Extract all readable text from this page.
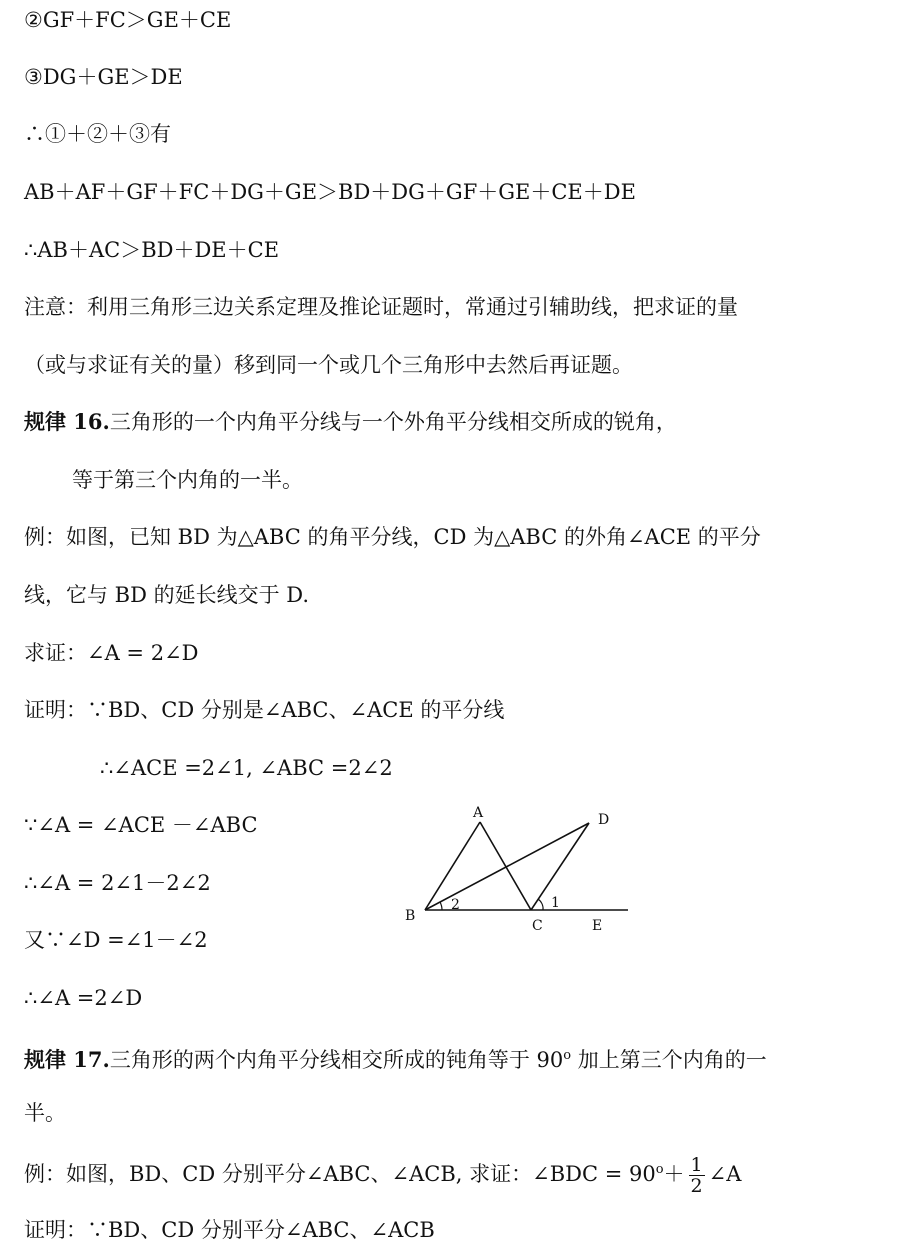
②GF＋FC＞GE＋CE
③DG＋GE＞DE
∴①＋②＋③有
AB＋AF＋GF＋FC＋DG＋GE＞BD＋DG＋GF＋GE＋CE＋DE
∴AB＋AC＞BD＋DE＋CE
注意：利用三角形三边关系定理及推论证题时，常通过引辅助线，把求证的量
（或与求证有关的量）移到同一个或几个三角形中去然后再证题。
规律 16.三角形的一个内角平分线与一个外角平分线相交所成的锐角，
等于第三个内角的一半。
例：如图，已知 BD 为△ABC 的角平分线，CD 为△ABC 的外角∠ACE 的平分
线，它与 BD 的延长线交于 D.
求证：∠A = 2∠D
证明：∵BD、CD 分别是∠ABC、∠ACE 的平分线
∴∠ACE =2∠1, ∠ABC =2∠2
∵∠A = ∠ACE －∠ABC
∴∠A = 2∠1－2∠2
又∵∠D =∠1－∠2
∴∠A =2∠D
A
B
C
D
E
1
2
规律 17.三角形的两个内角平分线相交所成的钝角等于 90$^o$ 加上第三个内角的一
半。
例：如图，BD、CD 分别平分∠ABC、∠ACB, 求证：∠BDC = $90^o+ \frac{1}{2}$ ∠A
证明：∵BD、CD 分别平分∠ABC、∠ACB
